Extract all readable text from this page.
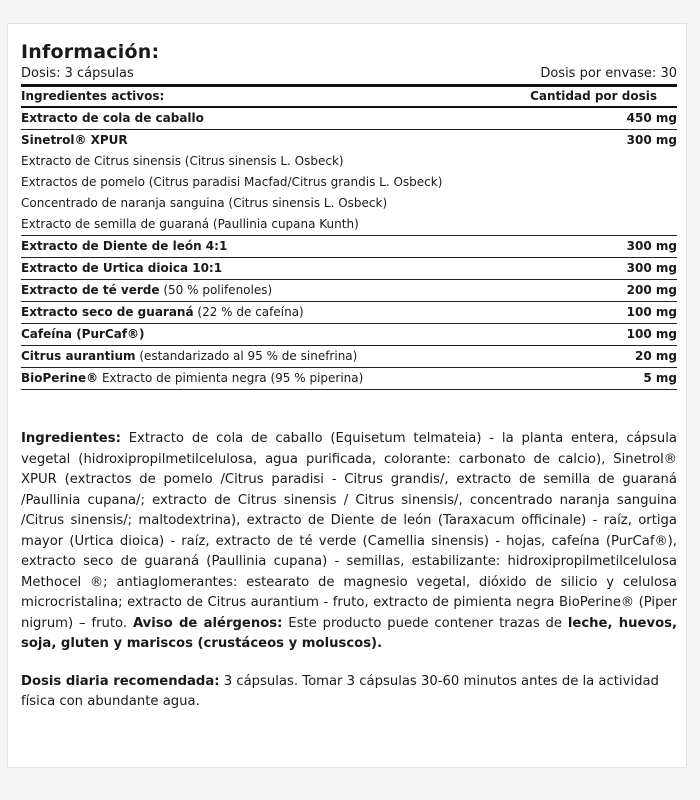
Información:
Dosis: 3 cápsulas	Dosis por envase: 30
Ingredientes activos:	Cantidad por dosis
Extracto de cola de caballo	450 mg
Sinetrol® XPUR	300 mg
Extracto de Citrus sinensis (Citrus sinensis L. Osbeck)
Extractos de pomelo (Citrus paradisi Macfad/Citrus grandis L. Osbeck)
Concentrado de naranja sanguina (Citrus sinensis L. Osbeck)
Extracto de semilla de guaraná (Paullinia cupana Kunth)
Extracto de Diente de león 4:1	300 mg
Extracto de Urtica dioica 10:1	300 mg
Extracto de té verde (50 % polifenoles)	200 mg
Extracto seco de guaraná (22 % de cafeína)	100 mg
Cafeína (PurCaf®)	100 mg
Citrus aurantium (estandarizado al 95 % de sinefrina)	20 mg
BioPerine® Extracto de pimienta negra (95 % piperina)	5 mg

Ingredientes: Extracto de cola de caballo (Equisetum telmateia) - la planta entera, cápsula vegetal (hidroxipropilmetilcelulosa, agua purificada, colorante: carbonato de calcio), Sinetrol® XPUR (extractos de pomelo /Citrus paradisi - Citrus grandis/, extracto de semilla de guaraná /Paullinia cupana/; extracto de Citrus sinensis / Citrus sinensis/, concentrado naranja sanguina /Citrus sinensis/; maltodextrina), extracto de Diente de león (Taraxacum officinale) - raíz, ortiga mayor (Urtica dioica) - raíz, extracto de té verde (Camellia sinensis) - hojas, cafeína (PurCaf®), extracto seco de guaraná (Paullinia cupana) - semillas, estabilizante: hidroxipropilmetilcelulosa Methocel ®; antiaglomerantes: estearato de magnesio vegetal, dióxido de silicio y celulosa microcristalina; extracto de Citrus aurantium - fruto, extracto de pimienta negra BioPerine® (Piper nigrum) – fruto. Aviso de alérgenos: Este producto puede contener trazas de leche, huevos, soja, gluten y mariscos (crustáceos y moluscos).

Dosis diaria recomendada: 3 cápsulas. Tomar 3 cápsulas 30-60 minutos antes de la actividad física con abundante agua.
